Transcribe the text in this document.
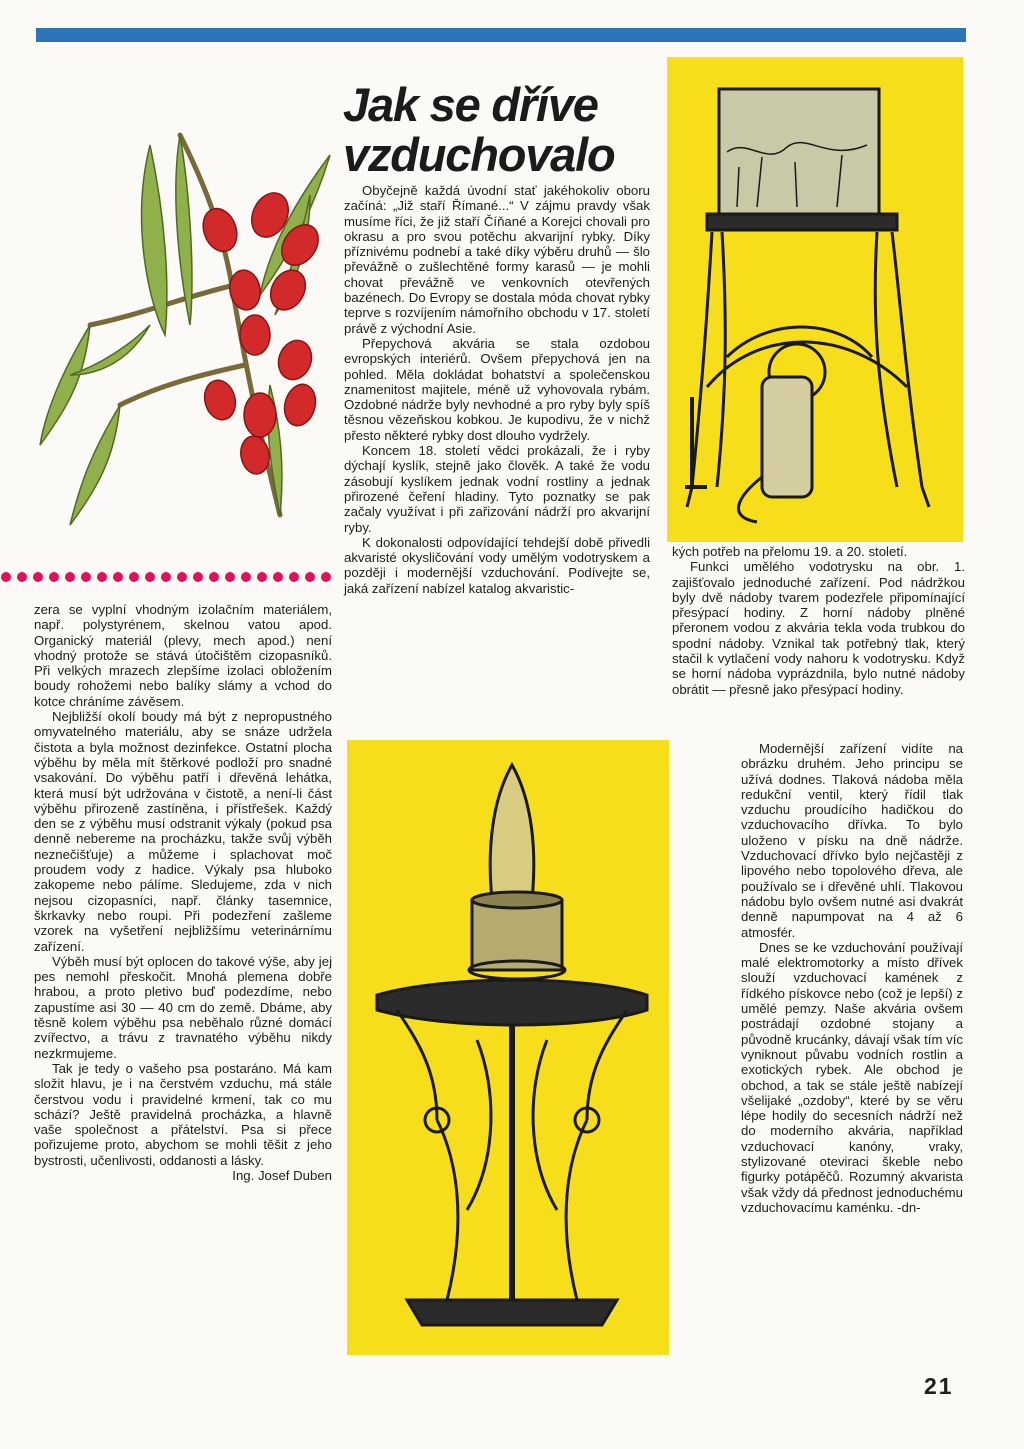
zera se vyplní vhodným izolačním materiálem, např. polystyrénem, skelnou vatou apod. Organický materiál (plevy, mech apod.) není vhodný protože se stává útočištěm cizopasníků. Při velkých mrazech zlepšíme izolaci obložením boudy rohožemi nebo balíky slámy a vchod do kotce chráníme závěsem.

Nejbližší okolí boudy má být z nepropustného omyvatelného materiálu, aby se snáze udržela čistota a byla možnost dezinfekce. Ostatní plocha výběhu by měla mít štěrkové podloží pro snadné vsakování. Do výběhu patří i dřevěná lehátka, která musí být udržována v čistotě, a není-li část výběhu přirozeně zastíněna, i přístřešek. Každý den se z výběhu musí odstranit výkaly (pokud psa denně nebereme na procházku, takže svůj výběh neznečišťuje) a můžeme i splachovat moč proudem vody z hadice. Výkaly psa hluboko zakopeme nebo pálíme. Sledujeme, zda v nich nejsou cizopasníci, např. články tasemnice, škrkavky nebo roupi. Při podezření zašleme vzorek na vyšetření nejbližšímu veterinárnímu zařízení.

Výběh musí být oplocen do takové výše, aby jej pes nemohl přeskočit. Mnohá plemena dobře hrabou, a proto pletivo buď podezdíme, nebo zapustíme asi 30 — 40 cm do země. Dbáme, aby těsně kolem výběhu psa neběhalo různé domácí zvířectvo, a trávu z travnatého výběhu nikdy nezkrmujeme.

Tak je tedy o vašeho psa postaráno. Má kam složit hlavu, je i na čerstvém vzduchu, má stále čerstvou vodu i pravidelné krmení, tak co mu schází? Ještě pravidelná procházka, a hlavně vaše společnost a přátelství. Psa si přece pořizujeme proto, abychom se mohli těšit z jeho bystrosti, učenlivosti, oddanosti a lásky.

Ing. Josef Duben

Jak se dříve vzduchovalo

Obyčejně každá úvodní stať jakéhokoliv oboru začíná: „Již staří Římané...“ V zájmu pravdy však musíme říci, že již staří Číňané a Korejci chovali pro okrasu a pro svou potěchu akvarijní rybky. Díky příznivému podnebí a také díky výběru druhů — šlo převážně o zušlechtěné formy karasů — je mohli chovat převážně ve venkovních otevřených bazénech. Do Evropy se dostala móda chovat rybky teprve s rozvíjením námořního obchodu v 17. století právě z východní Asie.

Přepychová akvária se stala ozdobou evropských interiérů. Ovšem přepychová jen na pohled. Měla dokládat bohatství a společenskou znamenitost majitele, méně už vyhovovala rybám. Ozdobné nádrže byly nevhodné a pro ryby byly spíš těsnou vězeňskou kobkou. Je kupodivu, že v nichž přesto některé rybky dost dlouho vydržely.

Koncem 18. století vědci prokázali, že i ryby dýchají kyslík, stejně jako člověk. A také že vodu zásobují kyslíkem jednak vodní rostliny a jednak přirozené čeření hladiny. Tyto poznatky se pak začaly využívat i při zařizování nádrží pro akvarijní ryby.

K dokonalosti odpovídající tehdejší době přivedli akvaristé okysličování vody umělým vodotryskem a později i modernější vzduchování. Podívejte se, jaká zařízení nabízel katalog akvaristic-

kých potřeb na přelomu 19. a 20. století.

Funkci umělého vodotrysku na obr. 1. zajišťovalo jednoduché zařízení. Pod nádržkou byly dvě nádoby tvarem podezřele připomínající přesýpací hodiny. Z horní nádoby plněné přeronem vodou z akvária tekla voda trubkou do spodní nádoby. Vznikal tak potřebný tlak, který stačil k vytlačení vody nahoru k vodotrysku. Když se horní nádoba vyprázdnila, bylo nutné nádoby obrátit — přesně jako přesýpací hodiny.

Modernější zařízení vidíte na obrázku druhém. Jeho principu se užívá dodnes. Tlaková nádoba měla redukční ventil, který řídil tlak vzduchu proudícího hadičkou do vzduchovacího dřívka. To bylo uloženo v písku na dně nádrže. Vzduchovací dřívko bylo nejčastěji z lipového nebo topolového dřeva, ale používalo se i dřevěné uhlí. Tlakovou nádobu bylo ovšem nutné asi dvakrát denně napumpovat na 4 až 6 atmosfér.

Dnes se ke vzduchování používají malé elektromotorky a místo dřívek slouží vzduchovací kamének z řídkého pískovce nebo (což je lepší) z umělé pemzy. Naše akvária ovšem postrádají ozdobné stojany a původně krucánky, dávají však tím víc vyniknout půvabu vodních rostlin a exotických rybek. Ale obchod je obchod, a tak se stále ještě nabízejí všelijaké „ozdoby“, které by se věru lépe hodily do secesních nádrží než do moderního akvária, například vzduchovací kanóny, vraky, stylizované oteviraci škeble nebo figurky potápěčů. Rozumný akvarista však vždy dá přednost jednoduchému vzduchovacímu kaménku. -dn-

21
